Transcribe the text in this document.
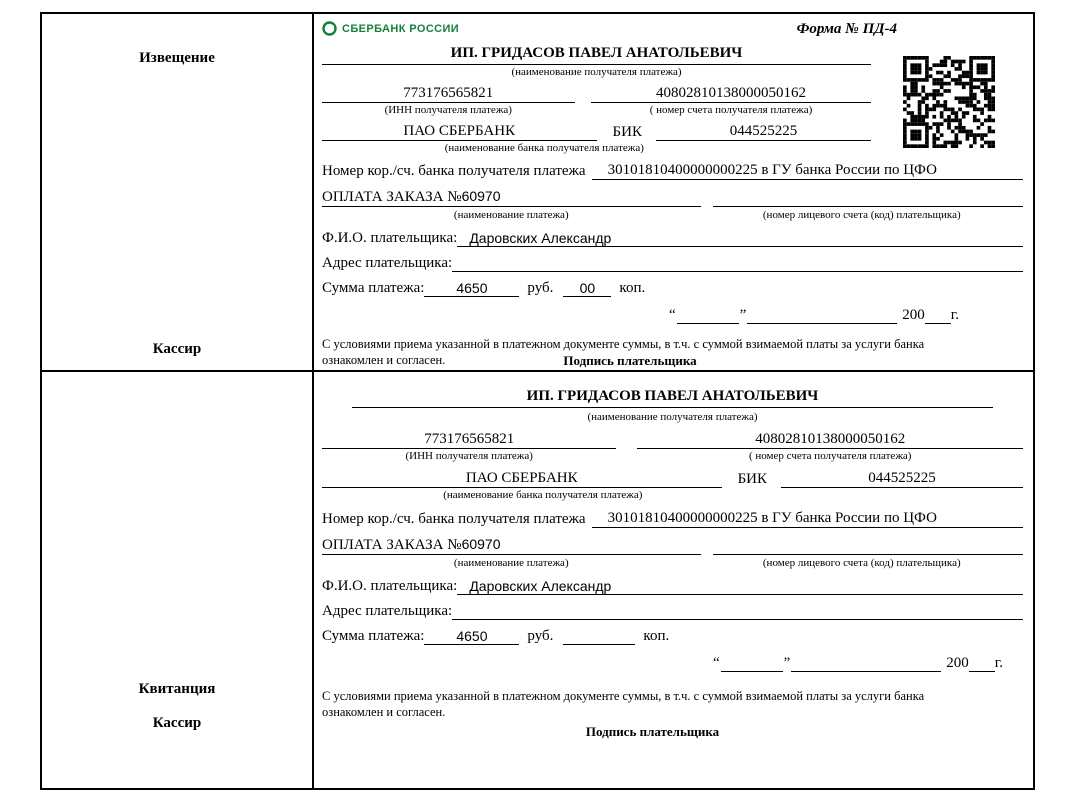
Извещение
Кассир
СБЕРБАНК РОССИИ	Форма № ПД-4
ИП. ГРИДАСОВ ПАВЕЛ АНАТОЛЬЕВИЧ
(наименование получателя платежа)
773176565821	40802810138000050162
(ИНН получателя платежа)	( номер счета получателя платежа)
ПАО СБЕРБАНК	БИК	044525225
(наименование банка получателя платежа)
Номер кор./сч. банка получателя платежа	30101810400000000225 в ГУ банка России по ЦФО
ОПЛАТА ЗАКАЗА № 60970
(наименование платежа)	(номер лицевого счета (код) плательщика)
Ф.И.О. плательщика: Даровских Александр
Адрес плательщика:
Сумма платежа:	4650	руб.	00	коп.
“	”	200 г.
С условиями приема указанной в платежном документе суммы, в т.ч. с суммой взимаемой платы за услуги банка ознакомлен и согласен.	Подпись плательщика
Квитанция
Кассир
ИП. ГРИДАСОВ ПАВЕЛ АНАТОЛЬЕВИЧ
(наименование получателя платежа)
773176565821	40802810138000050162
(ИНН получателя платежа)	( номер счета получателя платежа)
ПАО СБЕРБАНК	БИК	044525225
(наименование банка получателя платежа)
Номер кор./сч. банка получателя платежа	30101810400000000225 в ГУ банка России по ЦФО
ОПЛАТА ЗАКАЗА № 60970
(наименование платежа)	(номер лицевого счета (код) плательщика)
Ф.И.О. плательщика: Даровских Александр
Адрес плательщика:
Сумма платежа:	4650	руб.	коп.
“	”	200 г.
С условиями приема указанной в платежном документе суммы, в т.ч. с суммой взимаемой платы за услуги банка ознакомлен и согласен.
Подпись плательщика
